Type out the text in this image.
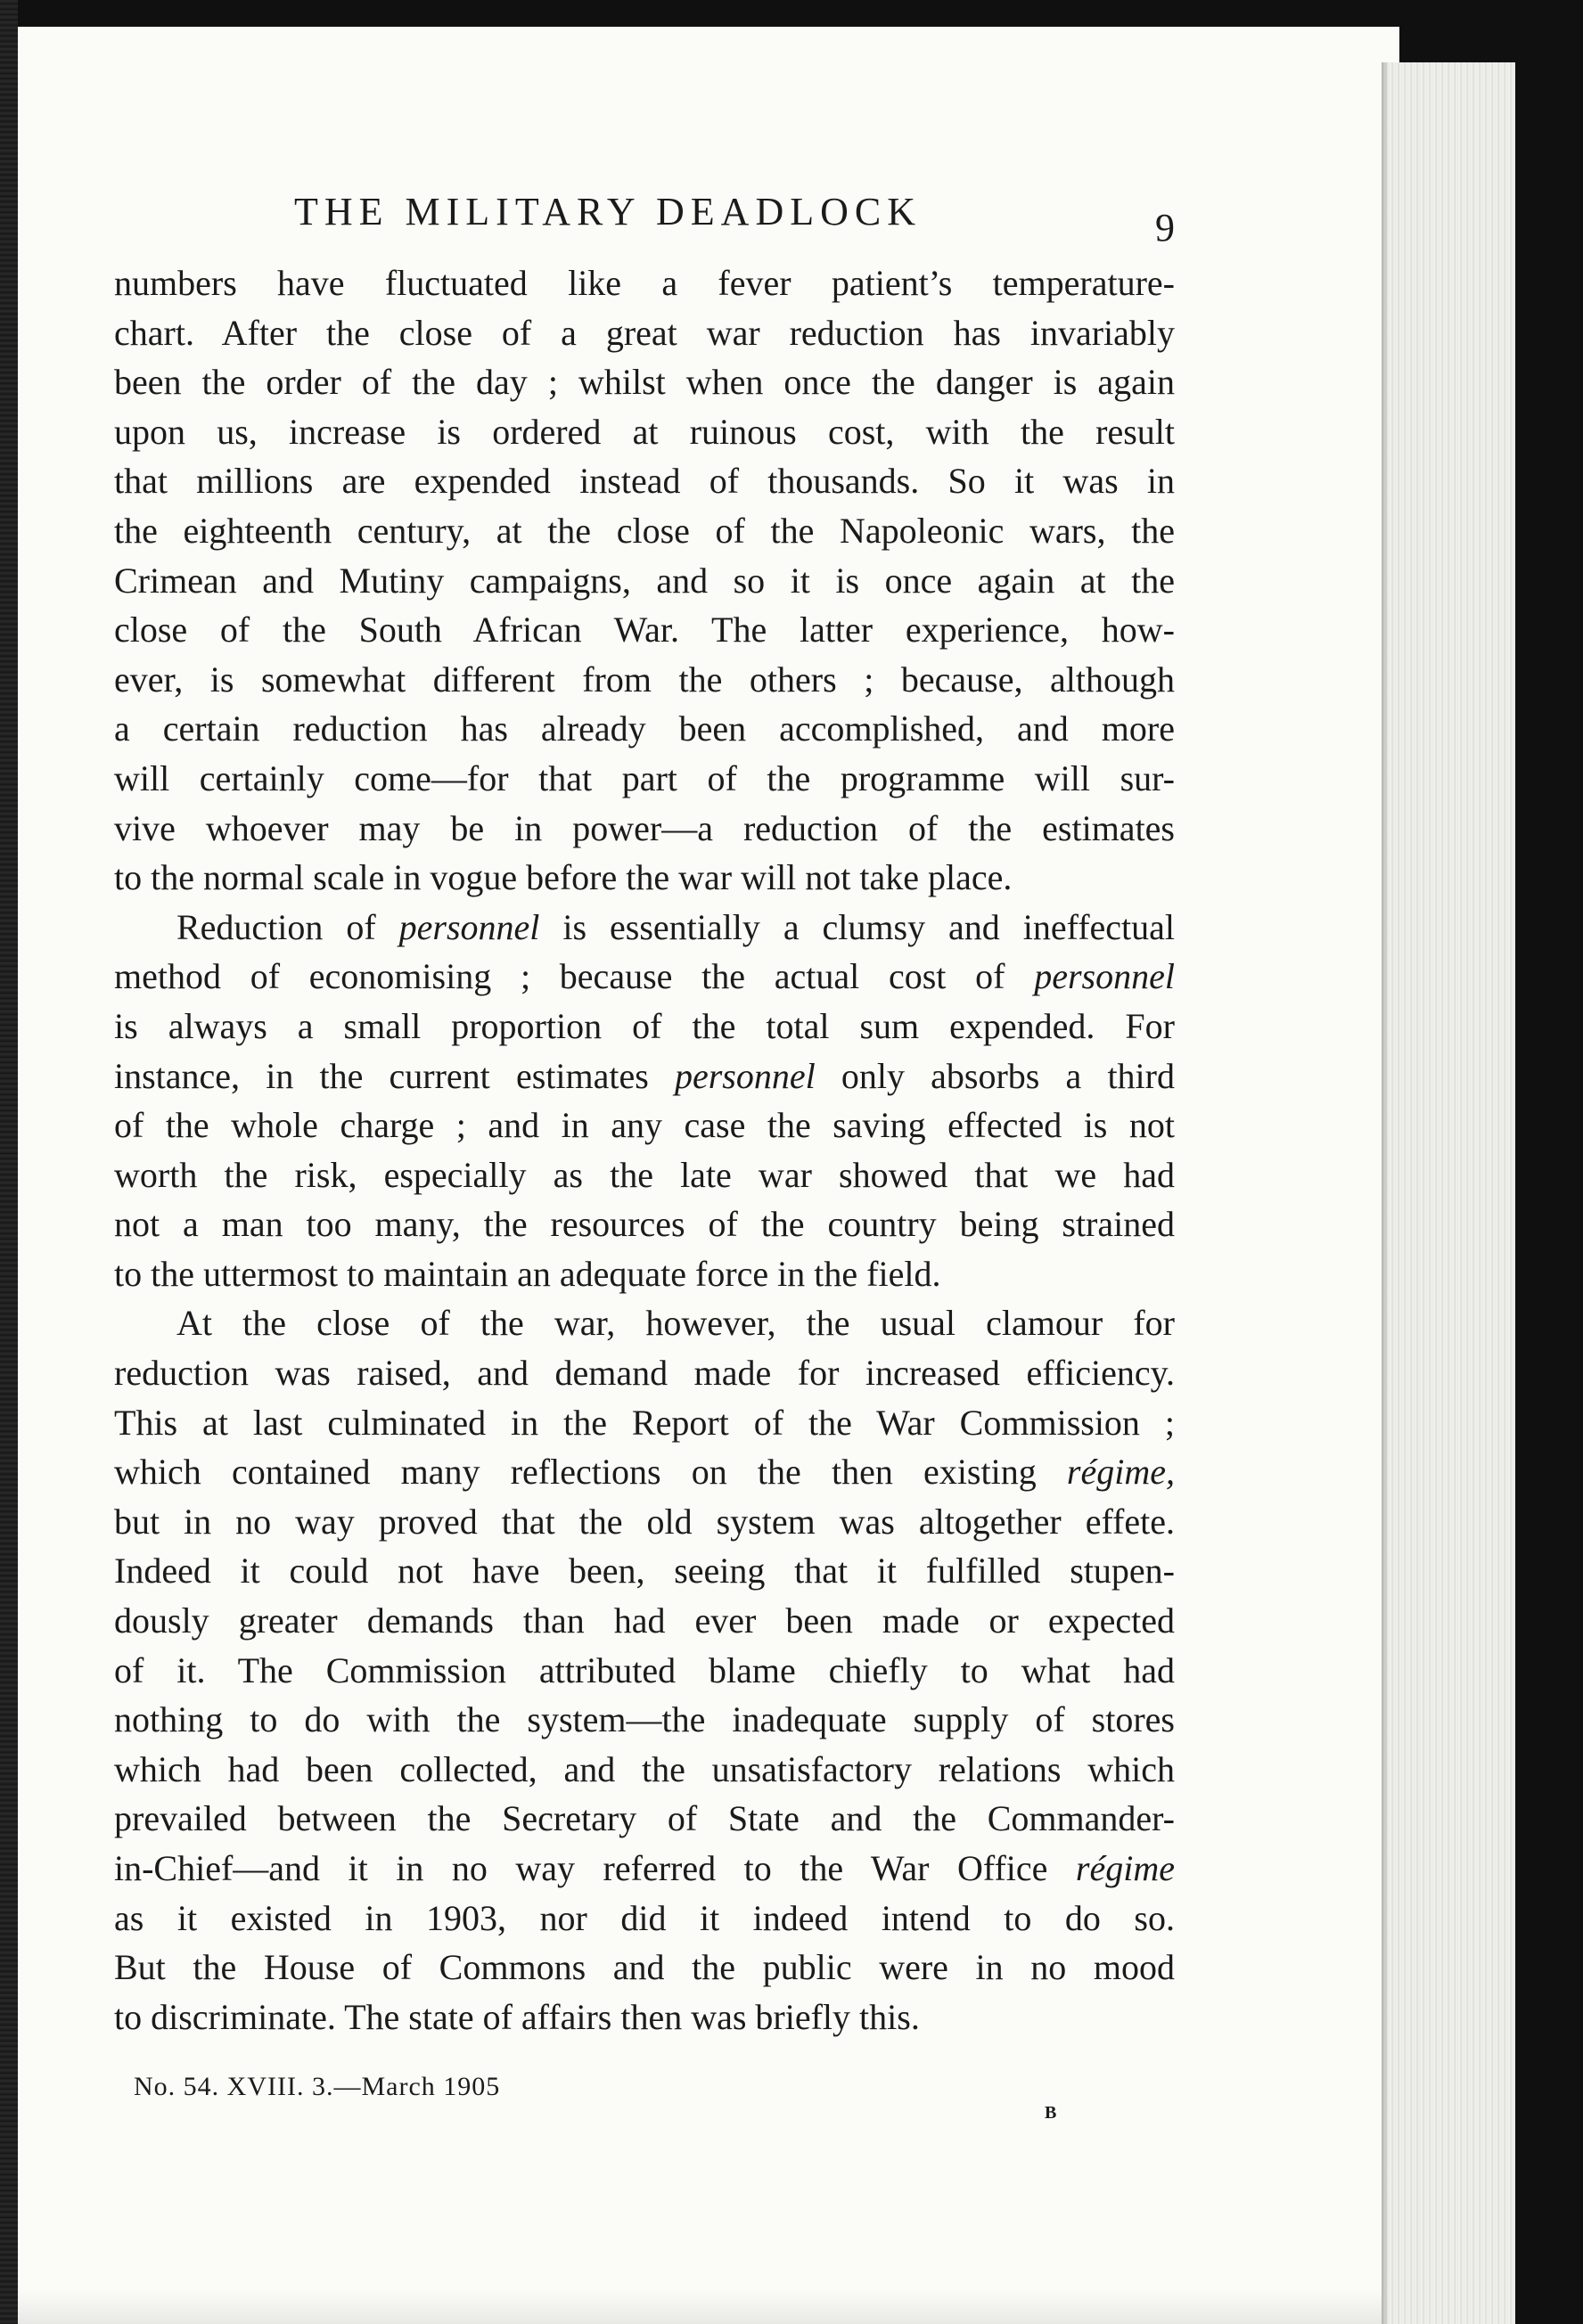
THE MILITARY DEADLOCK	9
numbers have fluctuated like a fever patient’s temperature-
chart. After the close of a great war reduction has invariably
been the order of the day ; whilst when once the danger is again
upon us, increase is ordered at ruinous cost, with the result
that millions are expended instead of thousands. So it was in
the eighteenth century, at the close of the Napoleonic wars, the
Crimean and Mutiny campaigns, and so it is once again at the
close of the South African War. The latter experience, how-
ever, is somewhat different from the others ; because, although
a certain reduction has already been accomplished, and more
will certainly come—for that part of the programme will sur-
vive whoever may be in power—a reduction of the estimates
to the normal scale in vogue before the war will not take place.
Reduction of personnel is essentially a clumsy and ineffectual
method of economising ; because the actual cost of personnel
is always a small proportion of the total sum expended. For
instance, in the current estimates personnel only absorbs a third
of the whole charge ; and in any case the saving effected is not
worth the risk, especially as the late war showed that we had
not a man too many, the resources of the country being strained
to the uttermost to maintain an adequate force in the field.
At the close of the war, however, the usual clamour for
reduction was raised, and demand made for increased efficiency.
This at last culminated in the Report of the War Commission ;
which contained many reflections on the then existing régime,
but in no way proved that the old system was altogether effete.
Indeed it could not have been, seeing that it fulfilled stupen-
dously greater demands than had ever been made or expected
of it. The Commission attributed blame chiefly to what had
nothing to do with the system—the inadequate supply of stores
which had been collected, and the unsatisfactory relations which
prevailed between the Secretary of State and the Commander-
in-Chief—and it in no way referred to the War Office régime
as it existed in 1903, nor did it indeed intend to do so.
But the House of Commons and the public were in no mood
to discriminate. The state of affairs then was briefly this.
No. 54. XVIII. 3.—March 1905
B
